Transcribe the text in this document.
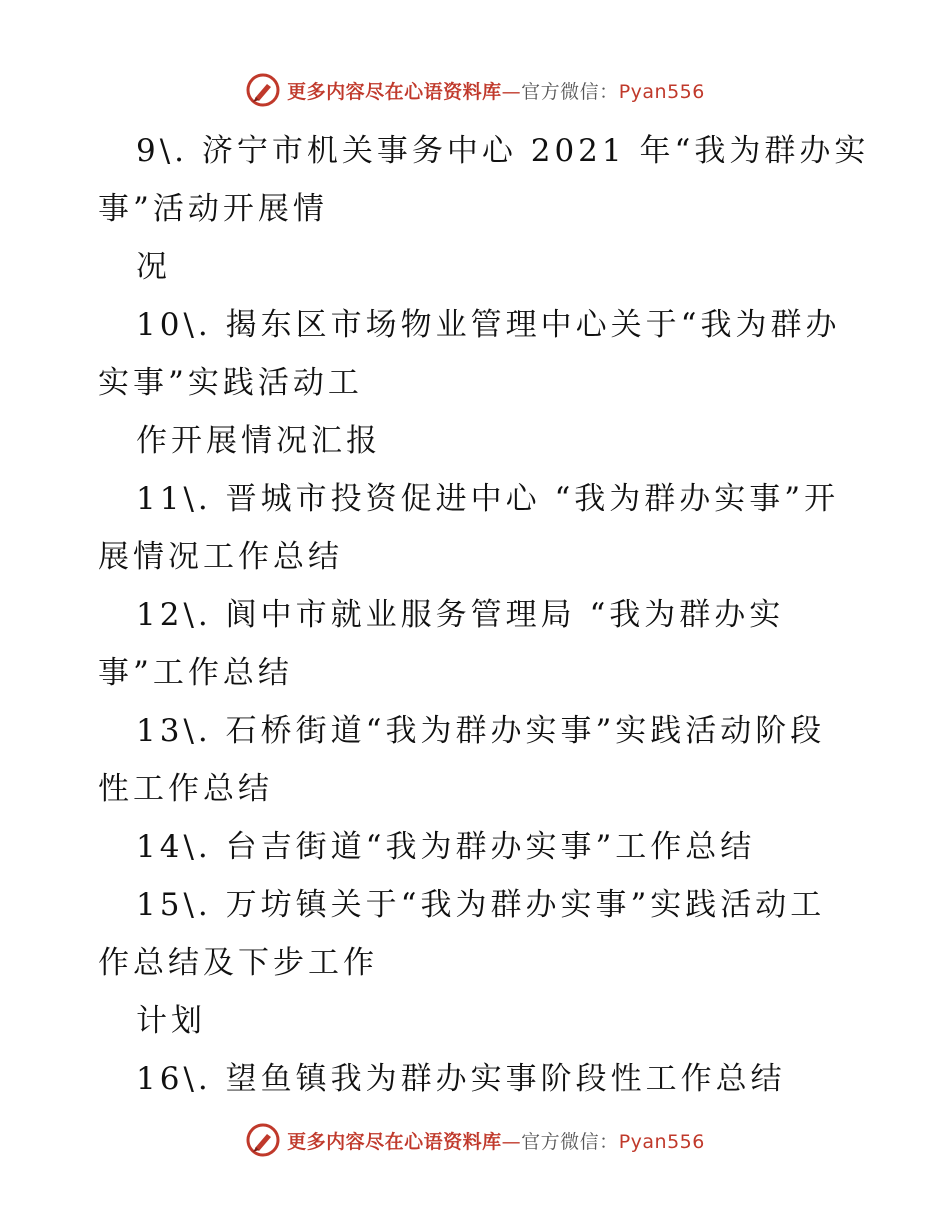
更多内容尽在心语资料库—官方微信：Pyan556
9\. 济宁市机关事务中心 2021 年“我为群办实
事”活动开展情
况
10\. 揭东区市场物业管理中心关于“我为群办
实事”实践活动工
作开展情况汇报
11\. 晋城市投资促进中心 “我为群办实事”开
展情况工作总结
12\. 阆中市就业服务管理局 “我为群办实
事”工作总结
13\. 石桥街道“我为群办实事”实践活动阶段
性工作总结
14\. 台吉街道“我为群办实事”工作总结
15\. 万坊镇关于“我为群办实事”实践活动工
作总结及下步工作
计划
16\. 望鱼镇我为群办实事阶段性工作总结
更多内容尽在心语资料库—官方微信：Pyan556
